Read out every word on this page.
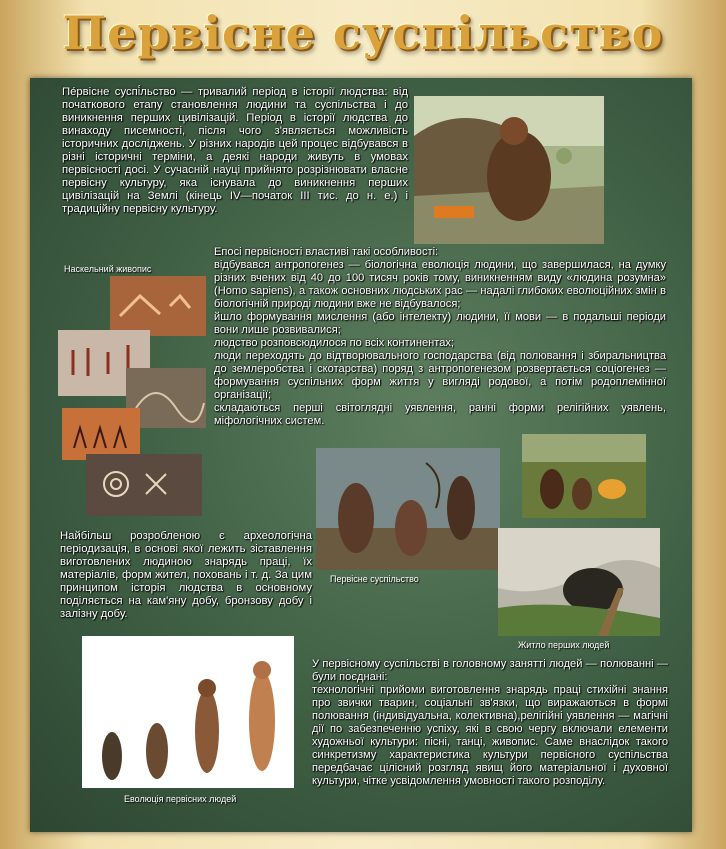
Первісне суспільство

Пе́рвісне суспі́льство — тривалий період в історії людства: від початкового етапу становлення людини та суспільства і до виникнення перших цивілізацій. Період в історії людства до винаходу писемності, після чого з'являється можливість історичних досліджень. У різних народів цей процес відбувався в різні історичні терміни, а деякі народи живуть в умовах первісності досі. У сучасній науці прийнято розрізнювати власне первісну культуру, яка існувала до виникнення перших цивілізацій на Землі (кінець IV—початок III тис. до н. е.) і традиційну первісну культуру.

Епосі первісності властиві такі особливості:

відбувався антропогенез — біологічна еволюція людини, що завершилася, на думку різних вчених від 40 до 100 тисяч років тому, виникненням виду «людина розумна» (Homo sapiens), а також основних людських рас — надалі глибоких еволюційних змін в біологічній природі людини вже не відбувалося;

йшло формування мислення (або інтелекту) людини, її мови — в подальші періоди вони лише розвивалися;

людство розповсюдилося по всіх континентах;

люди переходять до відтворювального господарства (від полювання і збиральництва до землеробства і скотарства) поряд з антропогенезом розвертається соціогенез — формування суспільних форм життя у вигляді родової, а потім родоплемінної організації;

складаються перші світоглядні уявлення, ранні форми релігійних уявлень, міфологічних систем.

Наскельний живопис
Первісне суспільство
Житло перших людей

Найбільш розробленою є археологічна періодизація, в основі якої лежить зіставлення виготовлених людиною знарядь праці, їх матеріалів, форм жител, поховань і т. д. За цим принципом історія людства в основному поділяється на кам'яну добу, бронзову добу і залізну добу.

Еволюція первісних людей

У первісному суспільстві в головному занятті людей — полюванні — були поєднані:

технологічні прийоми виготовлення знарядь праці стихійні знання про звички тварин, соціальні зв'язки, що виражаються в формі полювання (індивідуальна, колективна),релігійні уявлення — магічні дії по забезпеченню успіху, які в свою чергу включали елементи художньої культури: пісні, танці, живопис. Саме внаслідок такого синкретизму характеристика культури первісного суспільства передбачає цілісний розгляд явищ його матеріальної і духовної культури, чітке усвідомлення умовності такого розподілу.
